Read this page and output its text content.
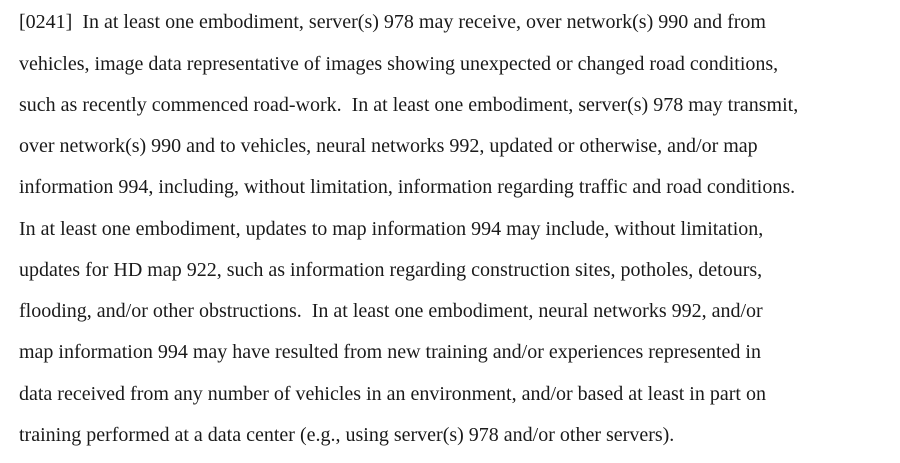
[0241] In at least one embodiment, server(s) 978 may receive, over network(s) 990 and from
vehicles, image data representative of images showing unexpected or changed road conditions,
such as recently commenced road-work.  In at least one embodiment, server(s) 978 may transmit,
over network(s) 990 and to vehicles, neural networks 992, updated or otherwise, and/or map
information 994, including, without limitation, information regarding traffic and road conditions.
In at least one embodiment, updates to map information 994 may include, without limitation,
updates for HD map 922, such as information regarding construction sites, potholes, detours,
flooding, and/or other obstructions.  In at least one embodiment, neural networks 992, and/or
map information 994 may have resulted from new training and/or experiences represented in
data received from any number of vehicles in an environment, and/or based at least in part on
training performed at a data center (e.g., using server(s) 978 and/or other servers).
